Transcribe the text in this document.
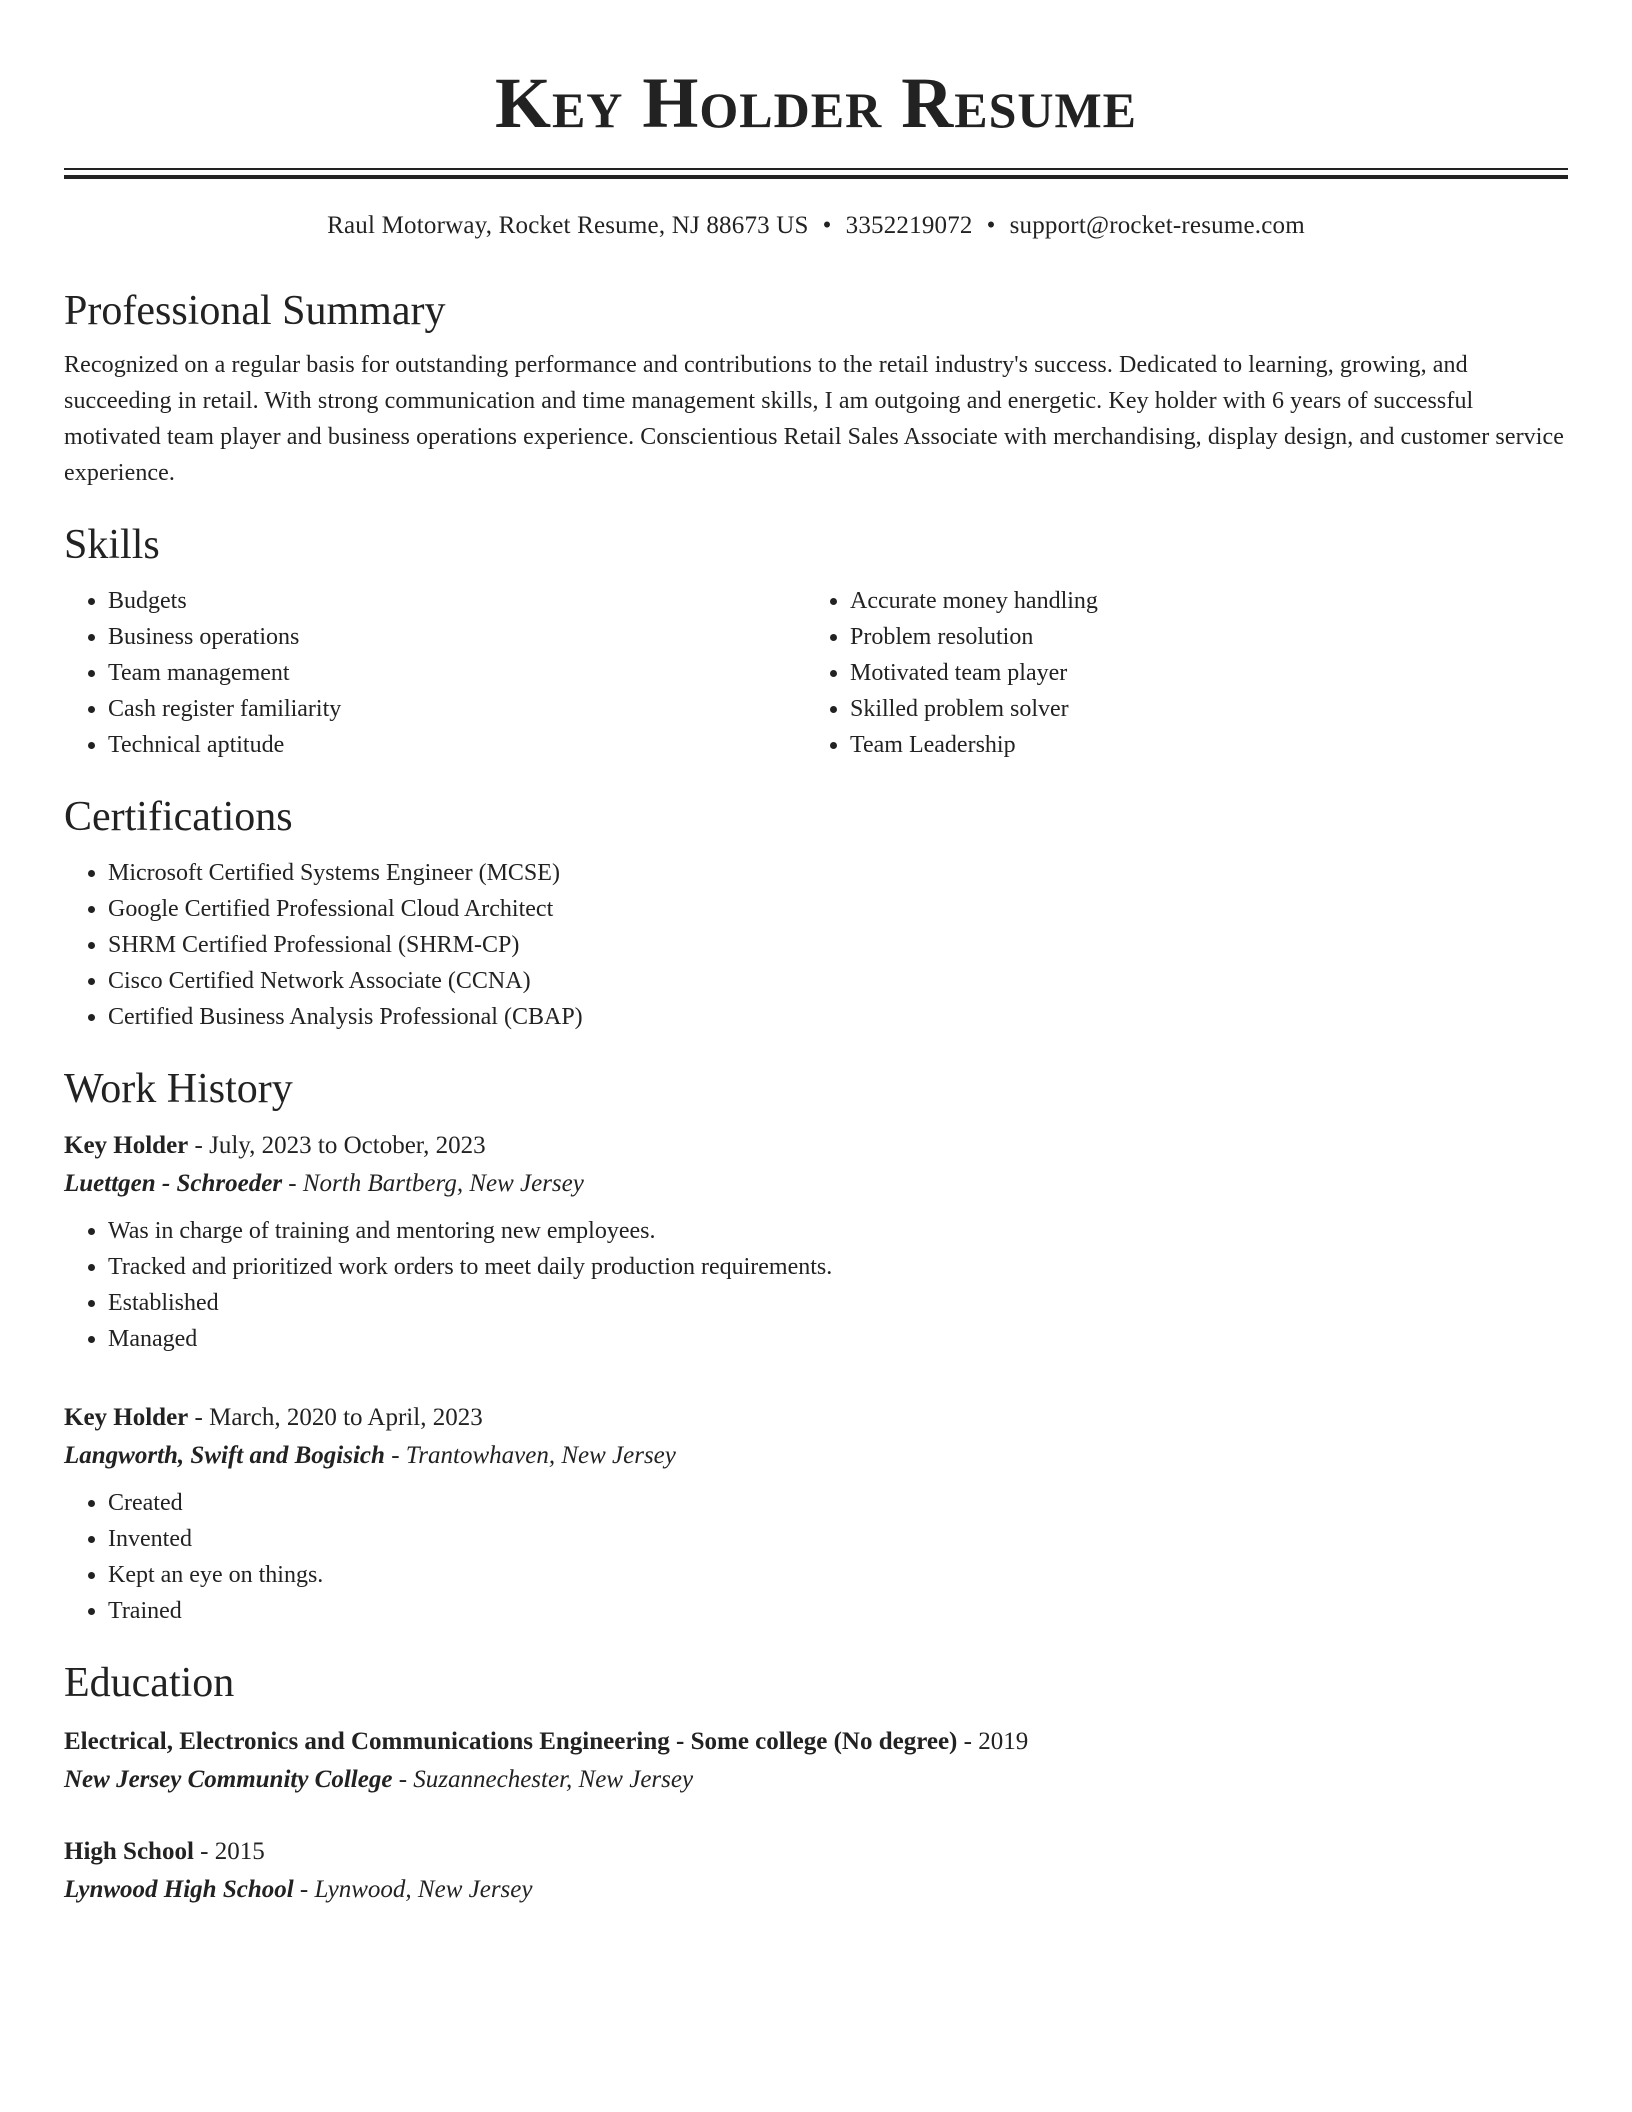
Key Holder Resume
Raul Motorway, Rocket Resume, NJ 88673 US • 3352219072 • support@rocket-resume.com
Professional Summary

Recognized on a regular basis for outstanding performance and contributions to the retail industry's success. Dedicated to learning, growing, and succeeding in retail. With strong communication and time management skills, I am outgoing and energetic. Key holder with 6 years of successful motivated team player and business operations experience. Conscientious Retail Sales Associate with merchandising, display design, and customer service experience.

Skills
• Budgets
• Business operations
• Team management
• Cash register familiarity
• Technical aptitude
• Accurate money handling
• Problem resolution
• Motivated team player
• Skilled problem solver
• Team Leadership
Certifications
• Microsoft Certified Systems Engineer (MCSE)
• Google Certified Professional Cloud Architect
• SHRM Certified Professional (SHRM-CP)
• Cisco Certified Network Associate (CCNA)
• Certified Business Analysis Professional (CBAP)
Work History
Key Holder - July, 2023 to October, 2023
Luettgen - Schroeder - North Bartberg, New Jersey
• Was in charge of training and mentoring new employees.
• Tracked and prioritized work orders to meet daily production requirements.
• Established
• Managed
Key Holder - March, 2020 to April, 2023
Langworth, Swift and Bogisich - Trantowhaven, New Jersey
• Created
• Invented
• Kept an eye on things.
• Trained
Education
Electrical, Electronics and Communications Engineering - Some college (No degree) - 2019
New Jersey Community College - Suzannechester, New Jersey
High School - 2015
Lynwood High School - Lynwood, New Jersey
